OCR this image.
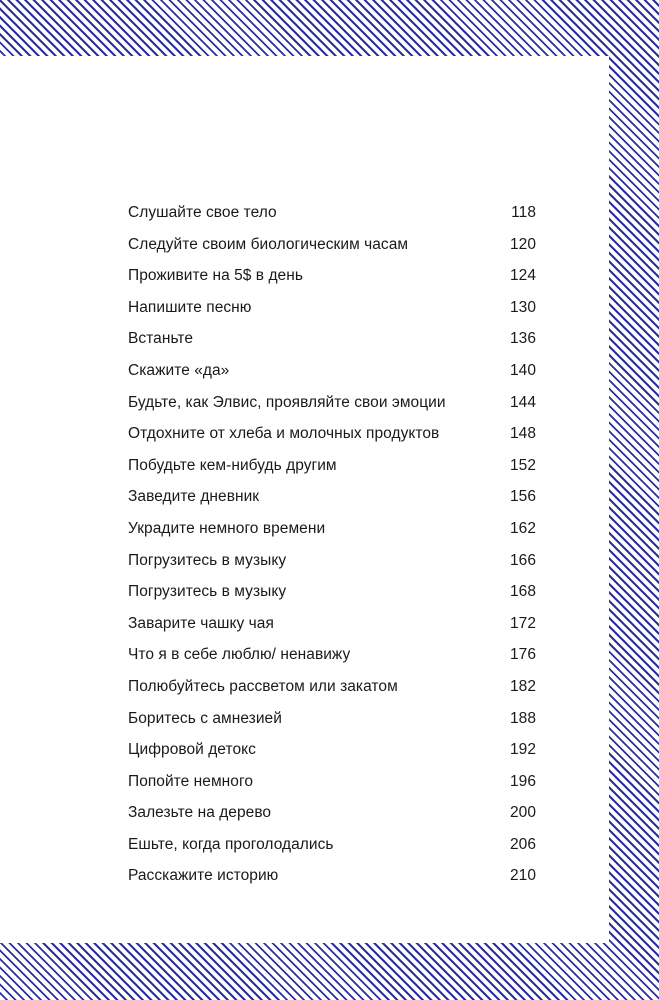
Слушайте свое тело	118
Следуйте своим биологическим часам	120
Проживите на 5$ в день	124
Напишите песню	130
Встаньте	136
Скажите «да»	140
Будьте, как Элвис, проявляйте свои эмоции	144
Отдохните от хлеба и молочных продуктов	148
Побудьте кем-нибудь другим	152
Заведите дневник	156
Украдите немного времени	162
Погрузитесь в музыку	166
Погрузитесь в музыку	168
Заварите чашку чая	172
Что я в себе люблю/ ненавижу	176
Полюбуйтесь рассветом или закатом	182
Боритесь с амнезией	188
Цифровой детокс	192
Попойте немного	196
Залезьте на дерево	200
Ешьте, когда проголодались	206
Расскажите историю	210
